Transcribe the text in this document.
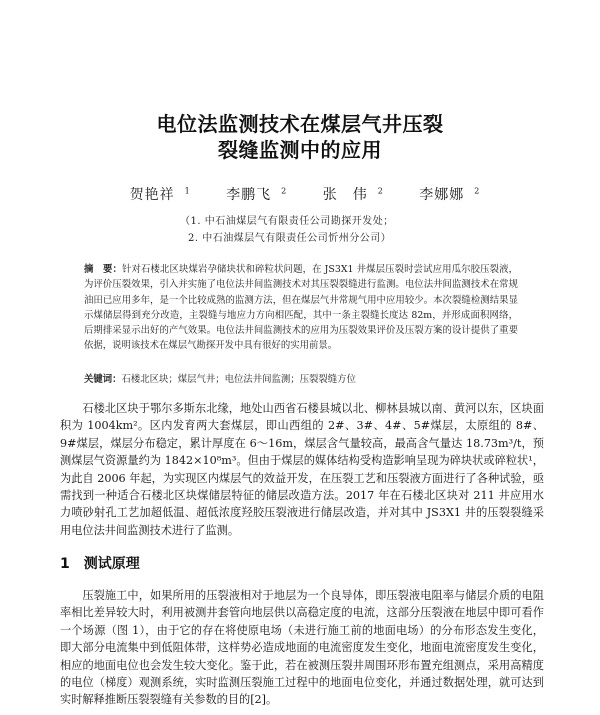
电位法监测技术在煤层气井压裂
裂缝监测中的应用
贺艳祥 $^1$	李鹏飞 $^2$	张　伟 $^2$	李娜娜 $^2$
（1. 中石油煤层气有限责任公司勘探开发处；
2. 中石油煤层气有限责任公司忻州分公司）
摘　要：针对石楼北区块煤岩孕储块状和碎粒状问题，在 JS3X1 井煤层压裂时尝试应用瓜尔胶压裂液，为评价压裂效果，引入并实施了电位法井间监测技术对其压裂裂缝进行监测。电位法井间监测技术在常规油田已应用多年，是一个比较成熟的监测方法，但在煤层气井常规气用中应用较少。本次裂缝检测结果显示煤储层得到充分改造，主裂缝与地应力方向相匹配，其中一条主裂缝长度达 82m，并形成面积网络，后期排采显示出好的产气效果。电位法井间监测技术的应用为压裂效果评价及压裂方案的设计提供了重要依据，说明该技术在煤层气勘探开发中具有很好的实用前景。
关键词：石楼北区块；煤层气井；电位法井间监测；压裂裂缝方位
石楼北区块于鄂尔多斯东北缘，地处山西省石楼县城以北、柳林县城以南、黄河以东，区块面积为 1004km²。区内发育两大套煤层，即山西组的 2#、3#、4#、5#煤层，太原组的 8#、9#煤层，煤层分布稳定，累计厚度在 6～16m，煤层含气量较高，最高含气量达 18.73m³/t，预测煤层气资源量约为 1842×10⁸m³。但由于煤层的媒体结构受构造影响呈现为碎块状或碎粒状¹，为此自 2006 年起，为实现区内煤层气的效益开发，在压裂工艺和压裂液方面进行了各种试验，亟需找到一种适合石楼北区块煤储层特征的储层改造方法。2017 年在石楼北区块对 211 井应用水力喷砂射孔工艺加超低温、超低浓度羟胶压裂液进行储层改造，并对其中 JS3X1 井的压裂裂缝采用电位法井间监测技术进行了监测。
1 测试原理
压裂施工中，如果所用的压裂液相对于地层为一个良导体，即压裂液电阻率与储层介质的电阻率相比差异较大时，利用被测井套管向地层供以高稳定度的电流，这部分压裂液在地层中即可看作一个场源（图 1），由于它的存在将使原电场（未进行施工前的地面电场）的分布形态发生变化，即大部分电流集中到低阻体带，这样势必造成地面的电流密度发生变化，地面电流密度发生变化，相应的地面电位也会发生较大变化。鉴于此，若在被测压裂井周围环形布置充组测点，采用高精度的电位（梯度）观测系统，实时监测压裂施工过程中的地面电位变化，并通过数据处理，就可达到实时解释推断压裂裂缝有关参数的目的[2]。
